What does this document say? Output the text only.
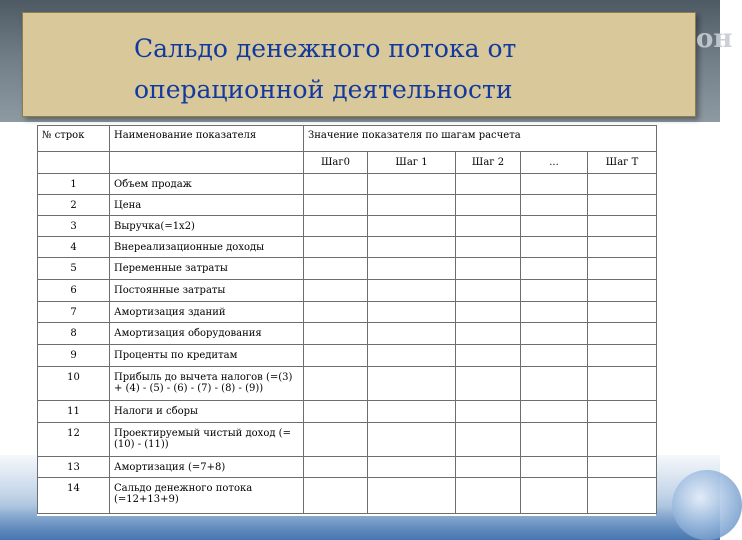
Сальдо денежного потока от
операционной деятельности
он
№ строк	Наименование показателя	Значение показателя по шагам расчета				
		Шаг0	Шаг 1	Шаг 2	...	Шаг Т
1	Объем продаж					
2	Цена					
3	Выручка(=1х2)					
4	Внереализационные доходы					
5	Переменные затраты					
6	Постоянные затраты					
7	Амортизация зданий					
8	Амортизация оборудования					
9	Проценты по кредитам					
10	Прибыль до вычета налогов (=(3) + (4) - (5) - (6) - (7) - (8) - (9))					
11	Налоги и сборы					
12	Проектируемый чистый доход (=(10) - (11))					
13	Амортизация (=7+8)					
14	Сальдо денежного потока (=12+13+9)					
